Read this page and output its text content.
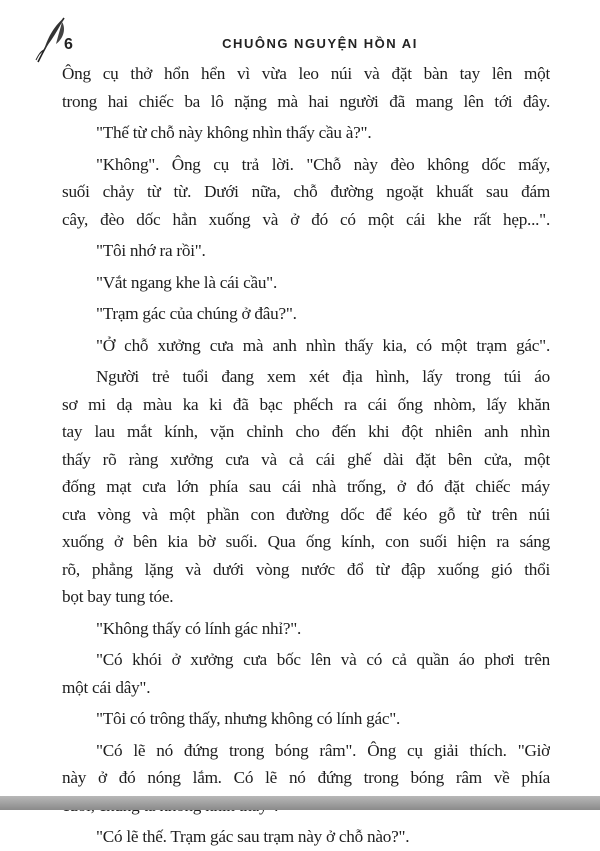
6	CHUÔNG NGUYỆN HỒN AI
Ông cụ thở hổn hển vì vừa leo núi và đặt bàn tay lên một
trong hai chiếc ba lô nặng mà hai người đã mang lên tới đây.
"Thế từ chỗ này không nhìn thấy cầu à?".
"Không". Ông cụ trả lời. "Chỗ này đèo không dốc mấy,
suối chảy từ từ. Dưới nữa, chỗ đường ngoặt khuất sau đám
cây, đèo dốc hẳn xuống và ở đó có một cái khe rất hẹp...".
"Tôi nhớ ra rồi".
"Vắt ngang khe là cái cầu".
"Trạm gác của chúng ở đâu?".
"Ở chỗ xưởng cưa mà anh nhìn thấy kia, có một trạm gác".
Người trẻ tuổi đang xem xét địa hình, lấy trong túi áo
sơ mi dạ màu ka ki đã bạc phếch ra cái ống nhòm, lấy khăn
tay lau mắt kính, vặn chỉnh cho đến khi đột nhiên anh nhìn
thấy rõ ràng xưởng cưa và cả cái ghế dài đặt bên cửa, một
đống mạt cưa lớn phía sau cái nhà trống, ở đó đặt chiếc máy
cưa vòng và một phần con đường dốc để kéo gỗ từ trên núi
xuống ở bên kia bờ suối. Qua ống kính, con suối hiện ra sáng
rõ, phẳng lặng và dưới vòng nước đổ từ đập xuống gió thổi
bọt bay tung tóe.
"Không thấy có lính gác nhỉ?".
"Có khói ở xưởng cưa bốc lên và có cả quần áo phơi trên
một cái dây".
"Tôi có trông thấy, nhưng không có lính gác".
"Có lẽ nó đứng trong bóng râm". Ông cụ giải thích. "Giờ
này ở đó nóng lắm. Có lẽ nó đứng trong bóng râm về phía
"Có lẽ thế. Trạm gác sau trạm này ở chỗ nào?".
